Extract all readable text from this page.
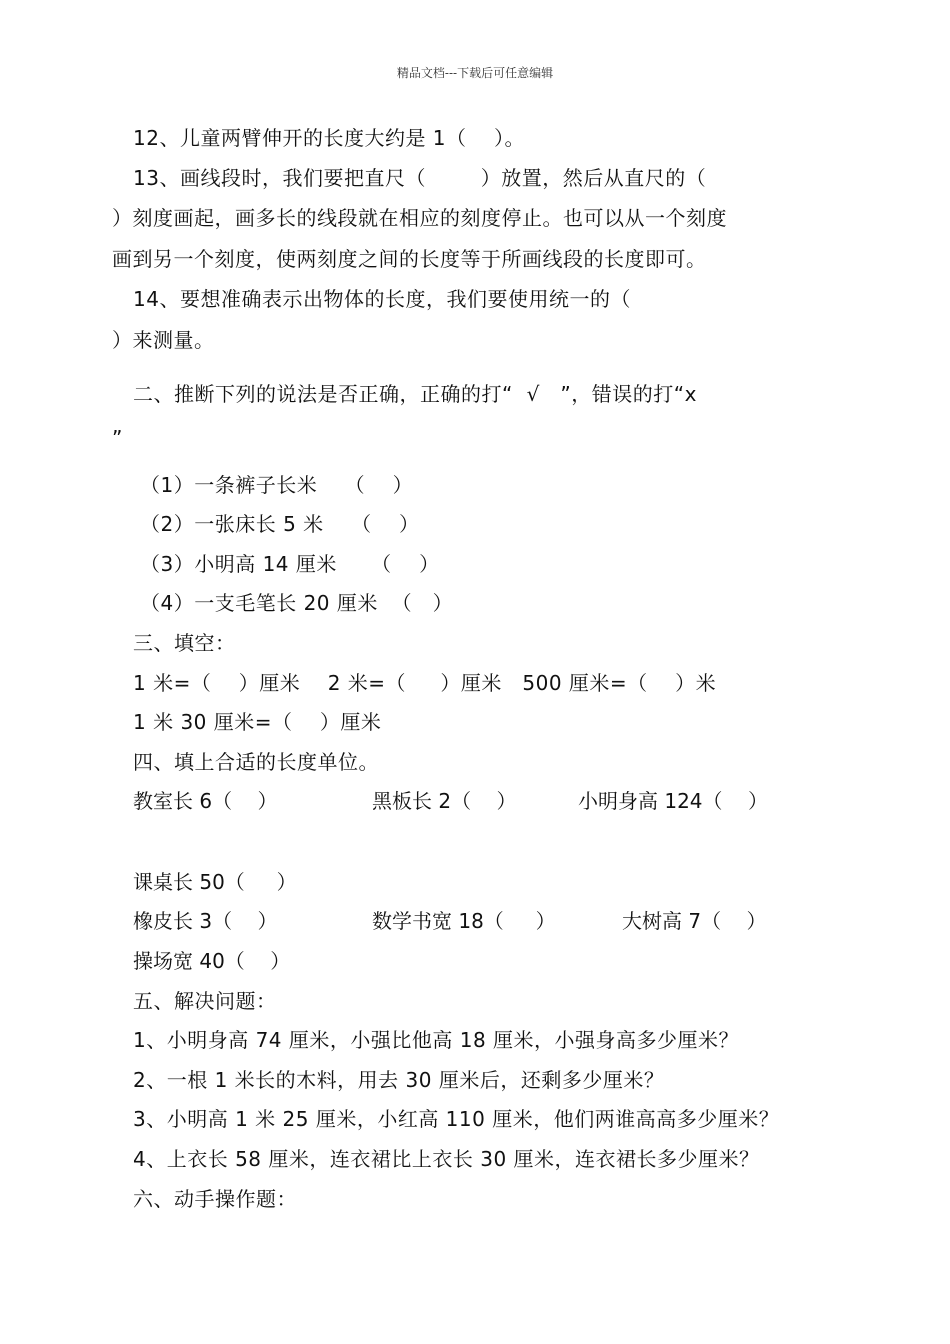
精品文档---下载后可任意编辑
12、儿童两臂伸开的长度大约是 1（    ）。
13、画线段时，我们要把直尺（        ）放置，然后从直尺的（
）刻度画起，画多长的线段就在相应的刻度停止。也可以从一个刻度
画到另一个刻度，使两刻度之间的长度等于所画线段的长度即可。
14、要想准确表示出物体的长度，我们要使用统一的（
）来测量。
二、推断下列的说法是否正确，正确的打“  √   ”，错误的打“x
”
（1）一条裤子长米    （    ）
（2）一张床长 5 米    （    ）
（3）小明高 14 厘米     （    ）
（4）一支毛笔长 20 厘米  （   ）
三、填空：
1 米=（    ）厘米    2 米=（     ）厘米   500 厘米=（    ）米
1 米 30 厘米=（    ）厘米
四、填上合适的长度单位。
教室长 6（    ）	黑板长 2（    ）	小明身高 124（    ）
课桌长 50（     ）
橡皮长 3（    ）	数学书宽 18（     ）	大树高 7（    ）
操场宽 40（    ）
五、解决问题：
1、小明身高 74 厘米，小强比他高 18 厘米，小强身高多少厘米？
2、一根 1 米长的木料，用去 30 厘米后，还剩多少厘米？
3、小明高 1 米 25 厘米，小红高 110 厘米，他们两谁高高多少厘米？
4、上衣长 58 厘米，连衣裙比上衣长 30 厘米，连衣裙长多少厘米？
六、动手操作题：
